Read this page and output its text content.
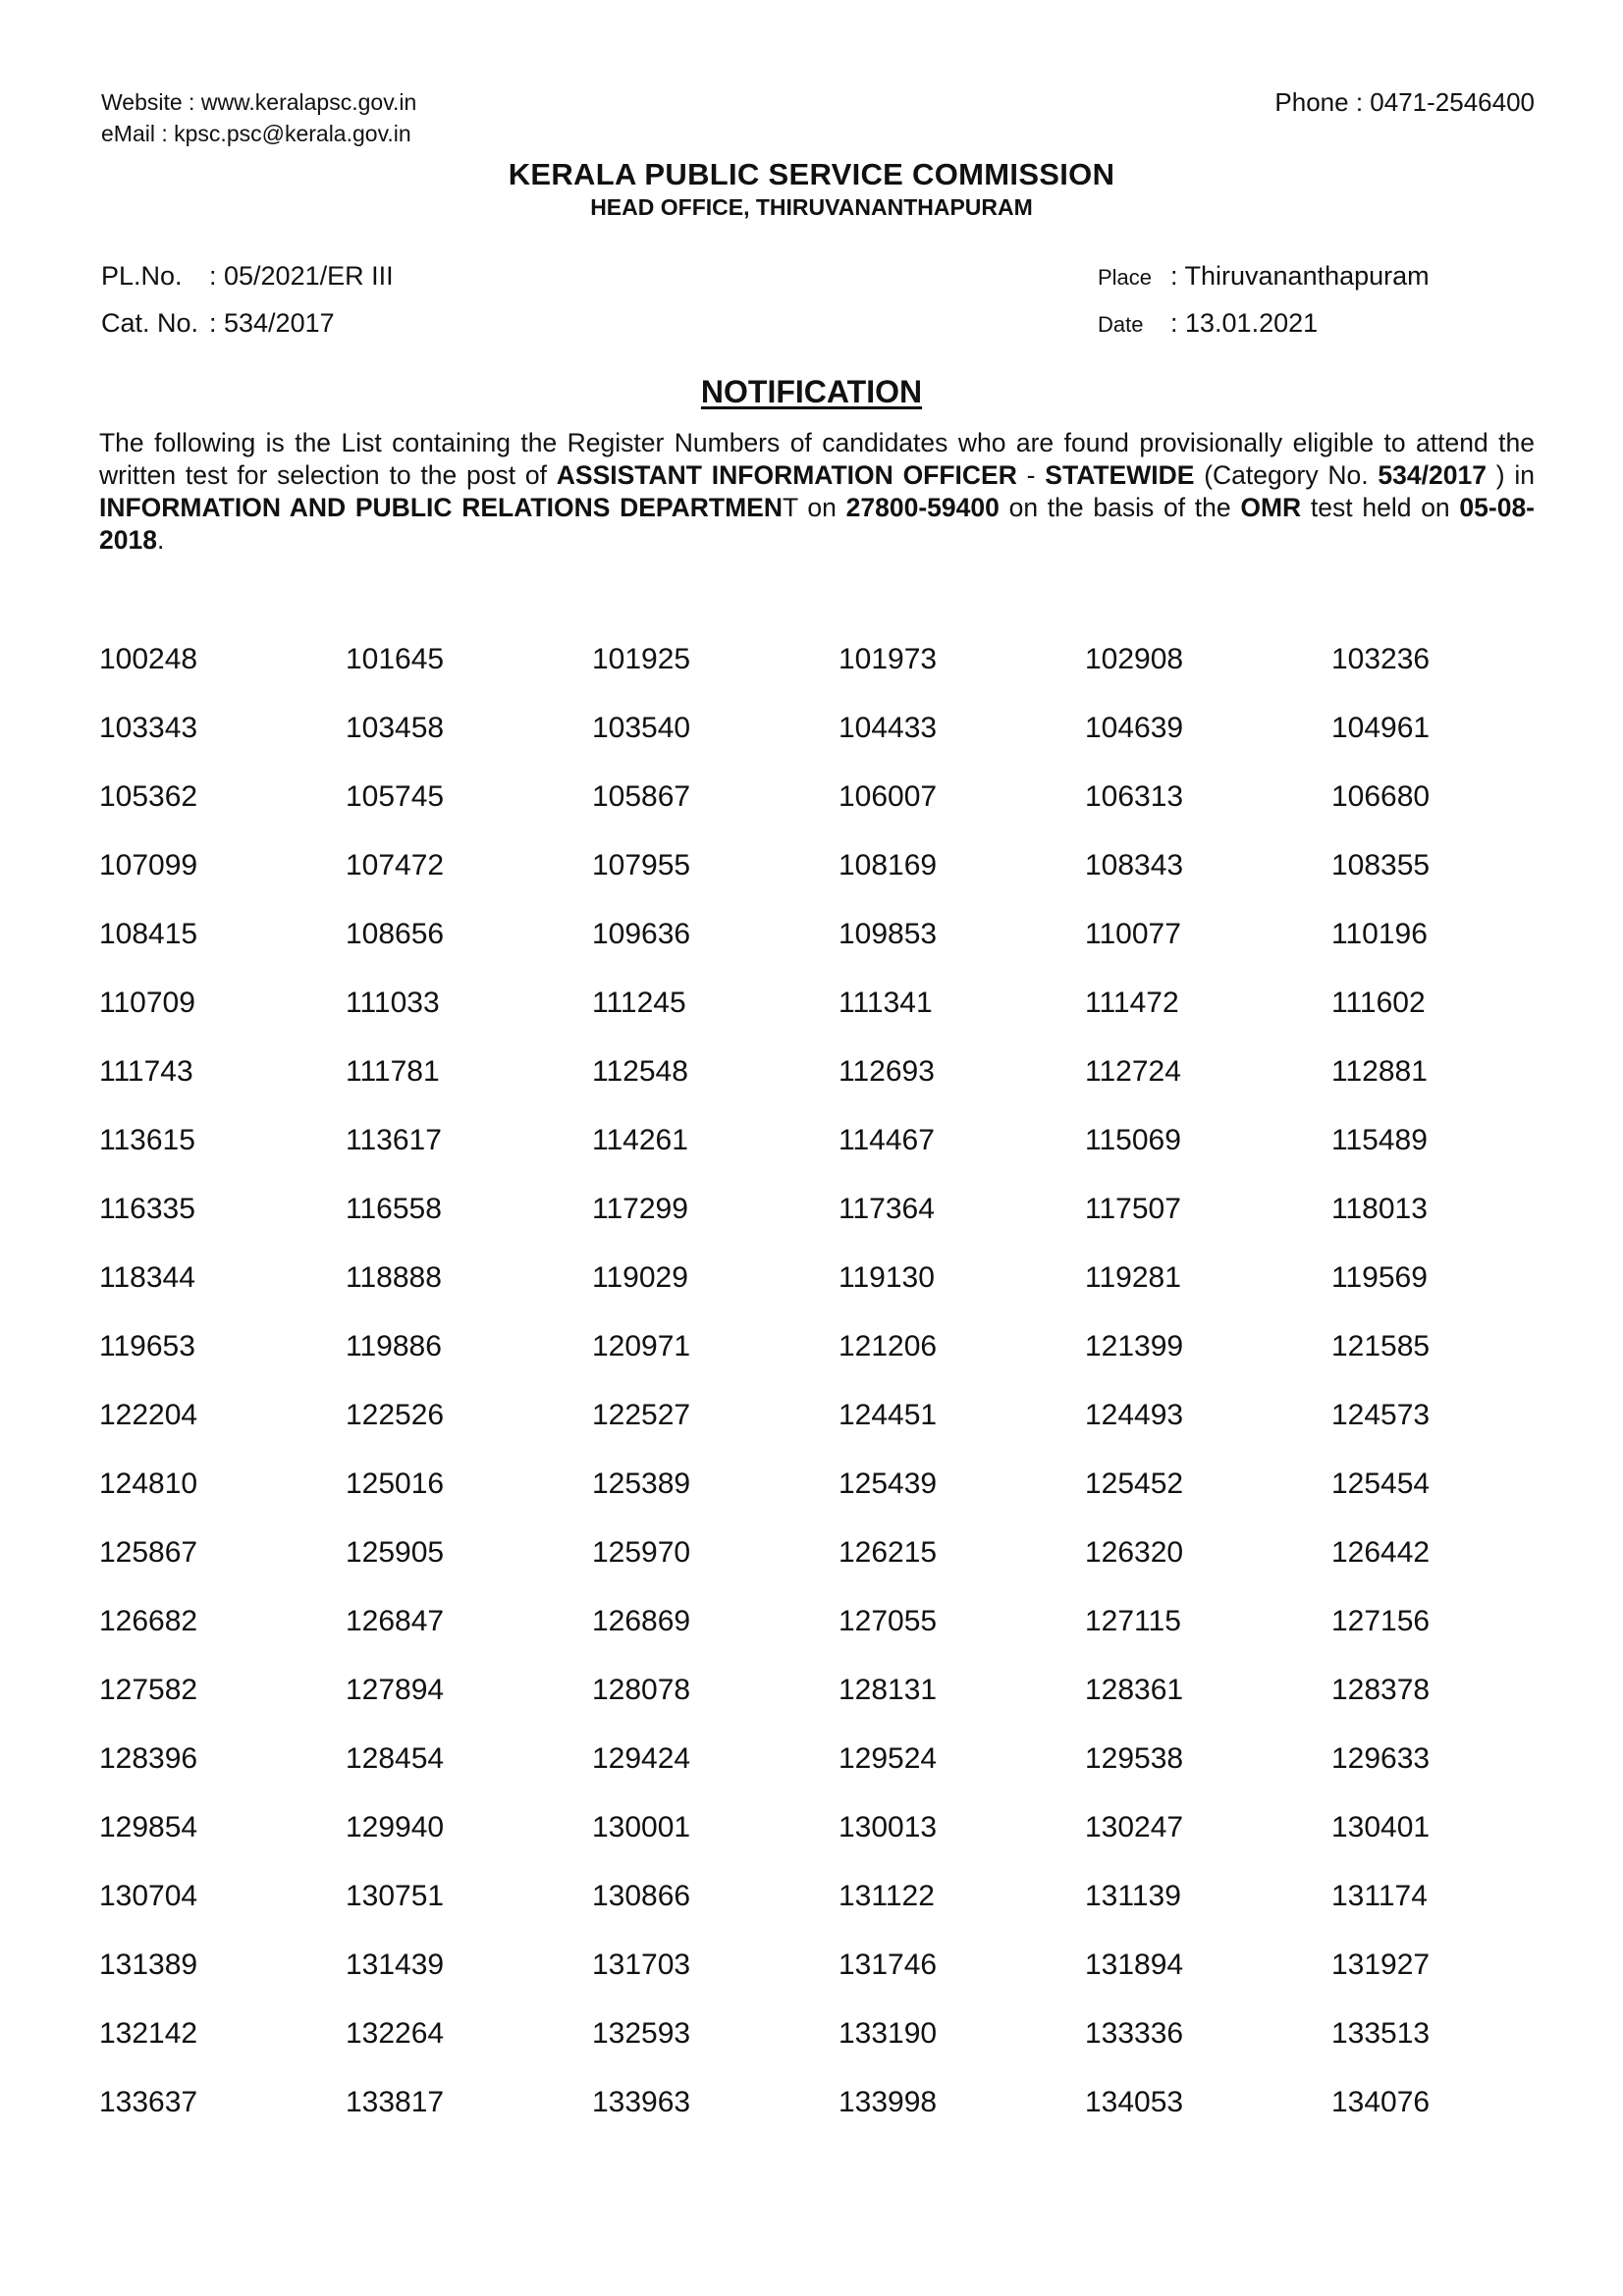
Website : www.keralapsc.gov.in
eMail : kpsc.psc@kerala.gov.in
Phone : 0471-2546400
KERALA PUBLIC SERVICE COMMISSION
HEAD OFFICE, THIRUVANANTHAPURAM
PL.No. : 05/2021/ER III
Cat. No. : 534/2017
Place : Thiruvananthapuram
Date : 13.01.2021
NOTIFICATION
The following is the List containing the Register Numbers of candidates who are found provisionally eligible to attend the written test for selection to the post of ASSISTANT INFORMATION OFFICER - STATEWIDE (Category No. 534/2017 ) in INFORMATION AND PUBLIC RELATIONS DEPARTMENT on 27800-59400 on the basis of the OMR test held on 05-08-2018.
100248	101645	101925	101973	102908	103236
103343	103458	103540	104433	104639	104961
105362	105745	105867	106007	106313	106680
107099	107472	107955	108169	108343	108355
108415	108656	109636	109853	110077	110196
110709	111033	111245	111341	111472	111602
111743	111781	112548	112693	112724	112881
113615	113617	114261	114467	115069	115489
116335	116558	117299	117364	117507	118013
118344	118888	119029	119130	119281	119569
119653	119886	120971	121206	121399	121585
122204	122526	122527	124451	124493	124573
124810	125016	125389	125439	125452	125454
125867	125905	125970	126215	126320	126442
126682	126847	126869	127055	127115	127156
127582	127894	128078	128131	128361	128378
128396	128454	129424	129524	129538	129633
129854	129940	130001	130013	130247	130401
130704	130751	130866	131122	131139	131174
131389	131439	131703	131746	131894	131927
132142	132264	132593	133190	133336	133513
133637	133817	133963	133998	134053	134076
